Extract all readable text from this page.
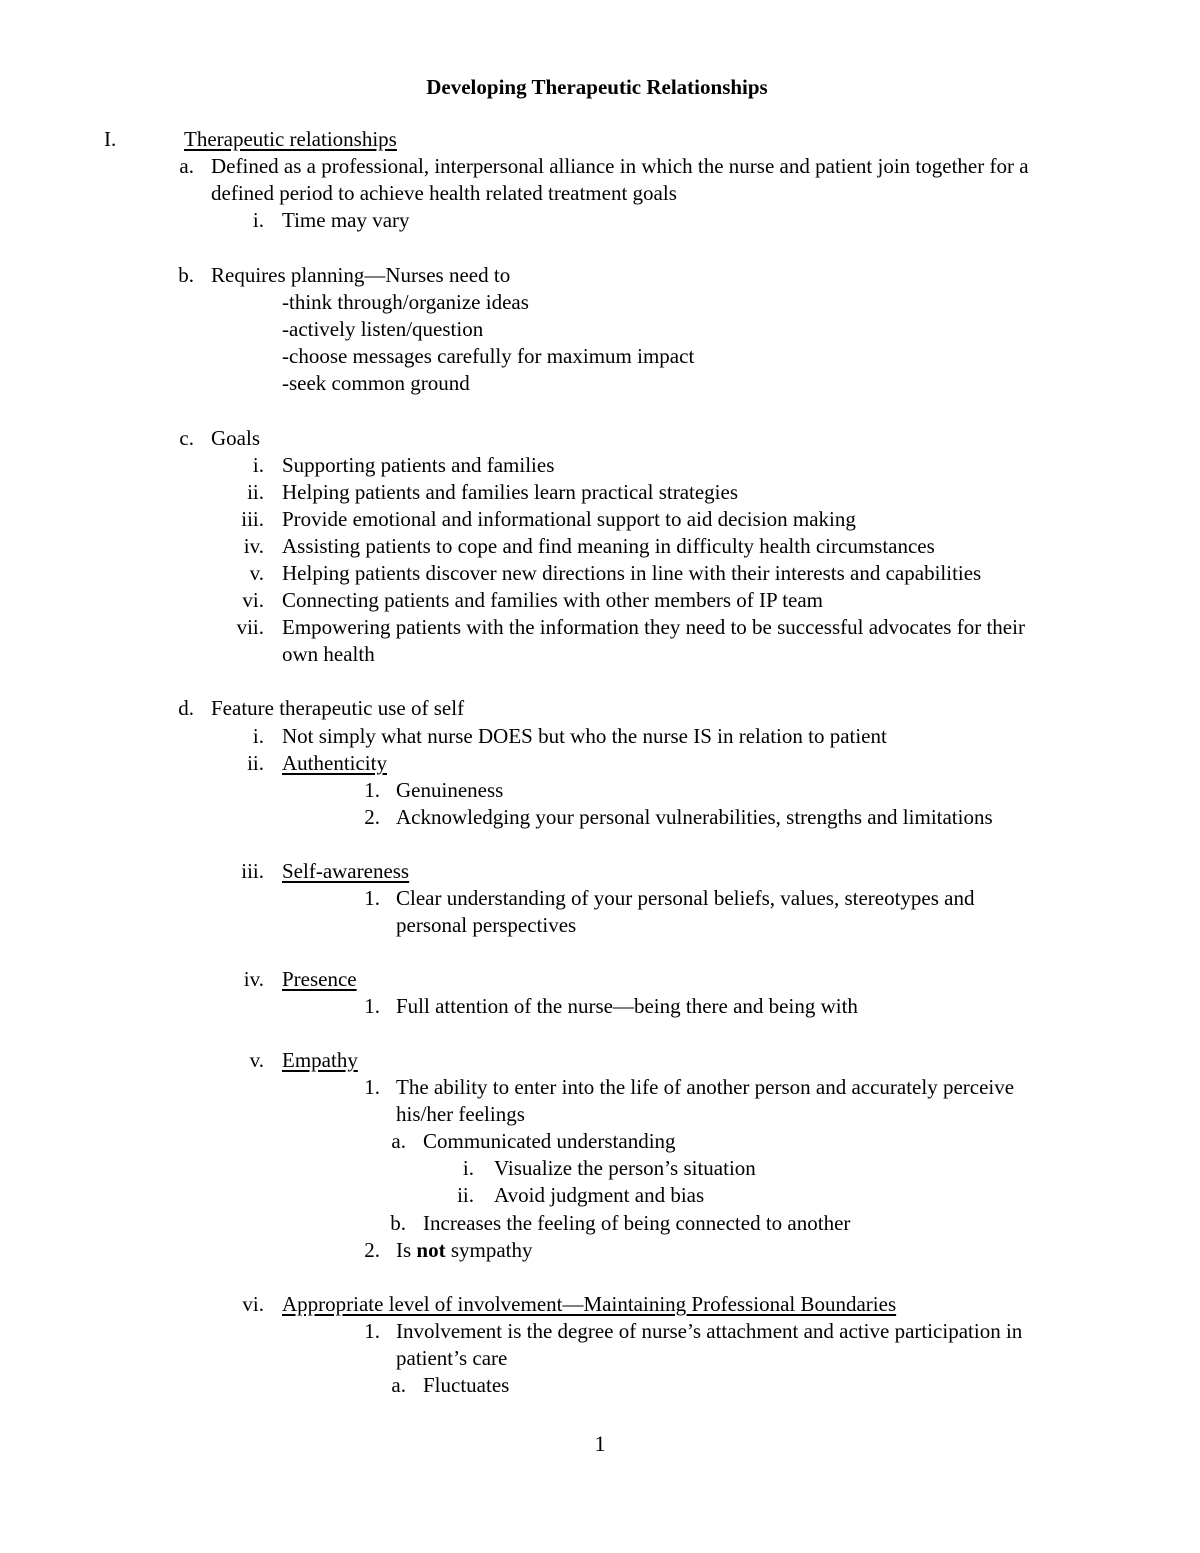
Developing Therapeutic Relationships
I.	Therapeutic relationships
a. Defined as a professional, interpersonal alliance in which the nurse and patient join together for a
defined period to achieve health related treatment goals
i. Time may vary
b. Requires planning—Nurses need to
-think through/organize ideas
-actively listen/question
-choose messages carefully for maximum impact
-seek common ground
c. Goals
i. Supporting patients and families
ii. Helping patients and families learn practical strategies
iii. Provide emotional and informational support to aid decision making
iv. Assisting patients to cope and find meaning in difficulty health circumstances
v. Helping patients discover new directions in line with their interests and capabilities
vi. Connecting patients and families with other members of IP team
vii. Empowering patients with the information they need to be successful advocates for their
own health
d. Feature therapeutic use of self
i. Not simply what nurse DOES but who the nurse IS in relation to patient
ii. Authenticity
1. Genuineness
2. Acknowledging your personal vulnerabilities, strengths and limitations
iii. Self-awareness
1. Clear understanding of your personal beliefs, values, stereotypes and
personal perspectives
iv. Presence
1. Full attention of the nurse—being there and being with
v. Empathy
1. The ability to enter into the life of another person and accurately perceive
his/her feelings
a. Communicated understanding
i. Visualize the person’s situation
ii. Avoid judgment and bias
b. Increases the feeling of being connected to another
2. Is not sympathy
vi. Appropriate level of involvement—Maintaining Professional Boundaries
1. Involvement is the degree of nurse’s attachment and active participation in
patient’s care
a. Fluctuates
1
